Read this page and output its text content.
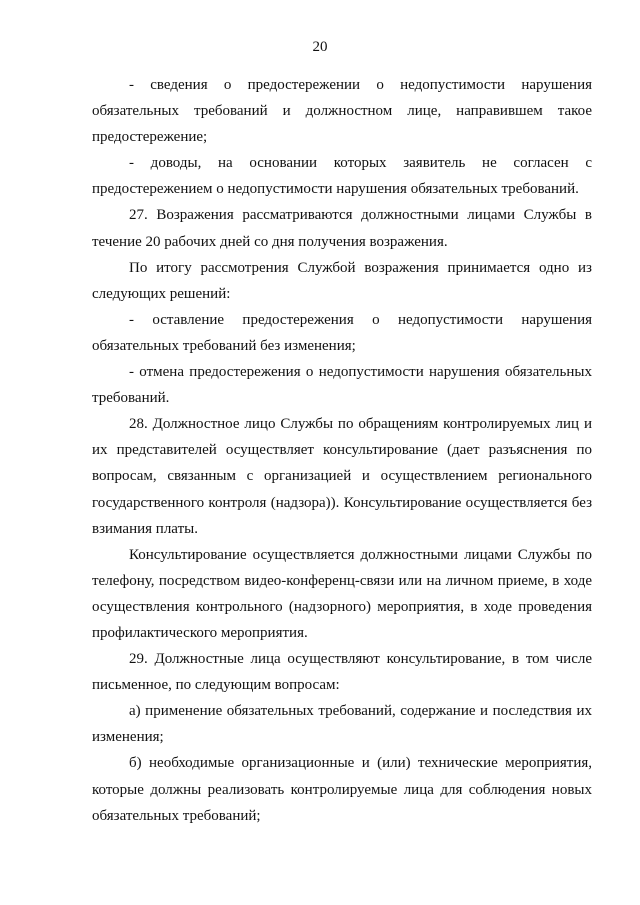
20

- сведения о предостережении о недопустимости нарушения обязательных требований и должностном лице, направившем такое предостережение;

- доводы, на основании которых заявитель не согласен с предостережением о недопустимости нарушения обязательных требований.

27. Возражения рассматриваются должностными лицами Службы в течение 20 рабочих дней со дня получения возражения.

По итогу рассмотрения Службой возражения принимается одно из следующих решений:

- оставление предостережения о недопустимости нарушения обязательных требований без изменения;

- отмена предостережения о недопустимости нарушения обязательных требований.

28. Должностное лицо Службы по обращениям контролируемых лиц и их представителей осуществляет консультирование (дает разъяснения по вопросам, связанным с организацией и осуществлением регионального государственного контроля (надзора)). Консультирование осуществляется без взимания платы.

Консультирование осуществляется должностными лицами Службы по телефону, посредством видео-конференц-связи или на личном приеме, в ходе осуществления контрольного (надзорного) мероприятия, в ходе проведения профилактического мероприятия.

29. Должностные лица осуществляют консультирование, в том числе письменное, по следующим вопросам:

а) применение обязательных требований, содержание и последствия их изменения;

б) необходимые организационные и (или) технические мероприятия, которые должны реализовать контролируемые лица для соблюдения новых обязательных требований;
